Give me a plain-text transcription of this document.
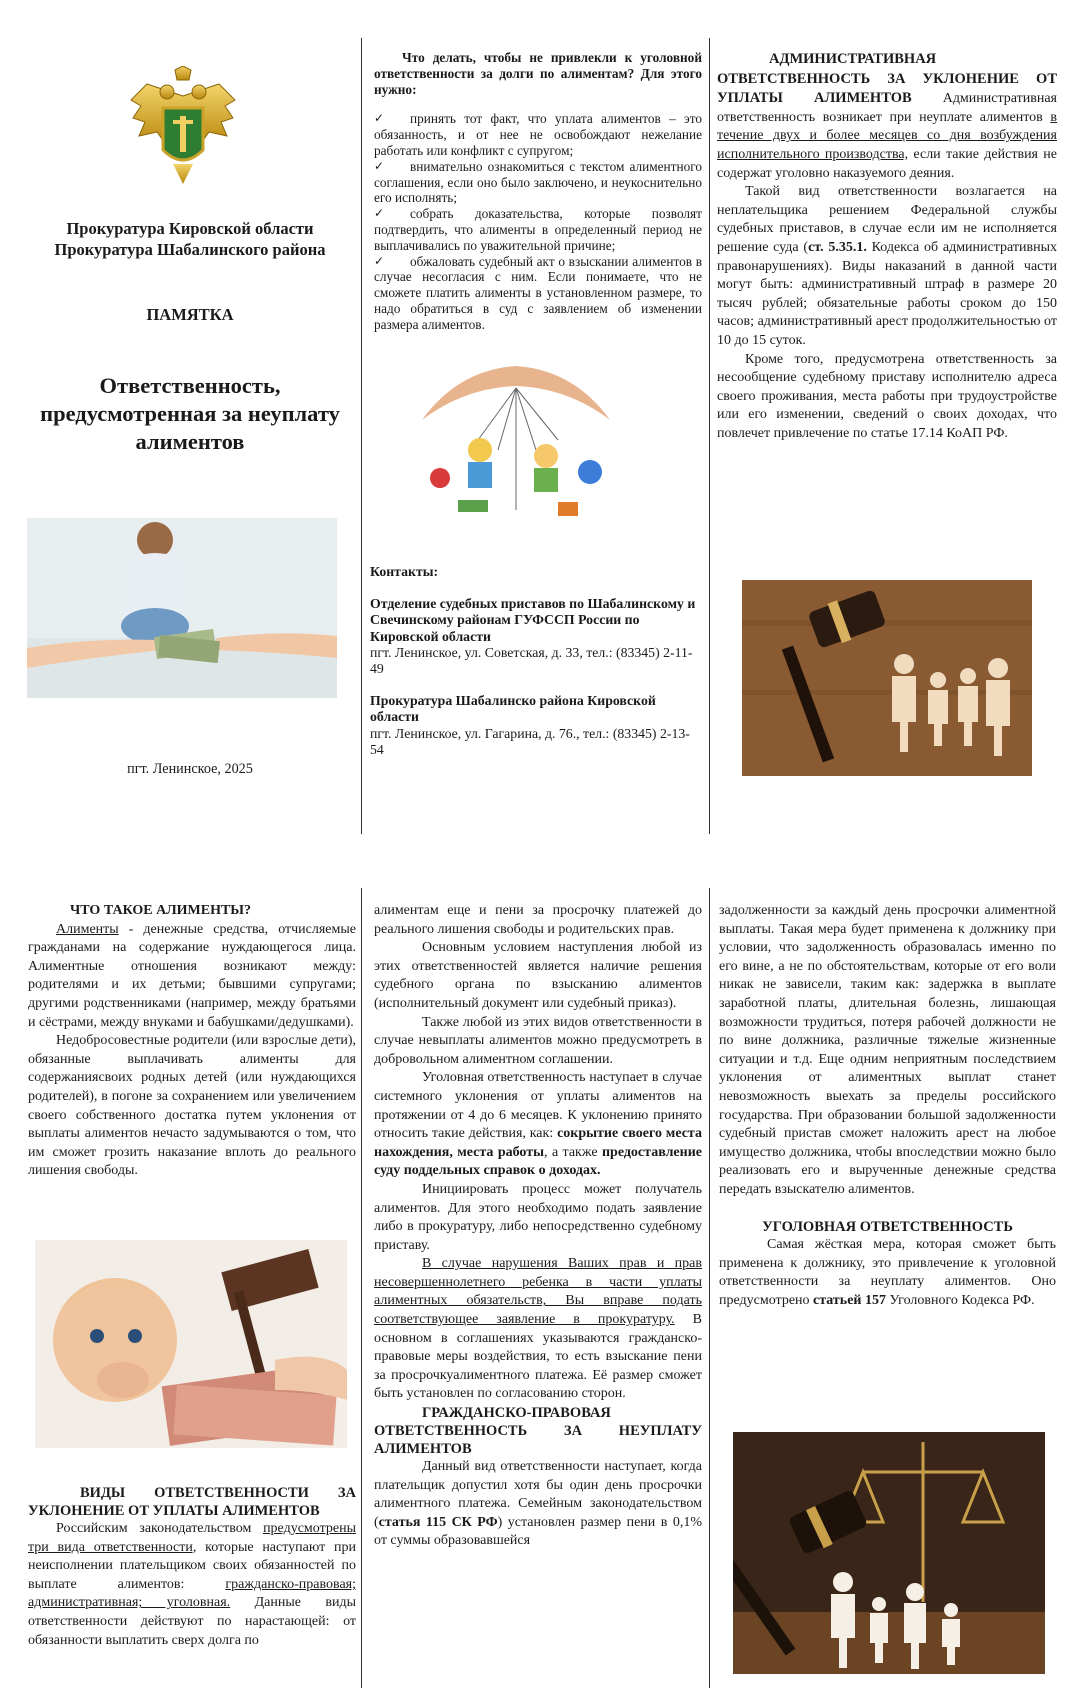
Прокуратура Кировской области

Прокуратура Шабалинского района

ПАМЯТКА

Ответственность, предусмотренная за неуплату алиментов

пгт. Ленинское, 2025

Что делать, чтобы не привлекли к уголовной ответственности за долги по алиментам? Для этого нужно:

✓ принять тот факт, что уплата алиментов – это обязанность, и от нее не освобождают нежелание работать или конфликт с супругом;
✓ внимательно ознакомиться с текстом алиментного соглашения, если оно было заключено, и неукоснительно его исполнять;
✓ собрать доказательства, которые позволят подтвердить, что алименты в определенный период не выплачивались по уважительной причине;
✓ обжаловать судебный акт о взыскании алиментов в случае несогласия с ним. Если понимаете, что не сможете платить алименты в установленном размере, то надо обратиться в суд с заявлением об изменении размера алиментов.

Контакты:

Отделение судебных приставов по Шабалинскому и Свечинскому районам ГУФССП России по Кировской области

пгт. Ленинское, ул. Советская, д. 33, тел.: (83345) 2-11-49

Прокуратура Шабалинско района Кировской области

пгт. Ленинское, ул. Гагарина, д. 76., тел.: (83345) 2-13-54

АДМИНИСТРАТИВНАЯ ОТВЕТСТВЕННОСТЬ ЗА УКЛОНЕНИЕ ОТ УПЛАТЫ АЛИМЕНТОВ Административная ответственность возникает при неуплате алиментов в течение двух и более месяцев со дня возбуждения исполнительного производства, если такие действия не содержат уголовно наказуемого деяния.

Такой вид ответственности возлагается на неплательщика решением Федеральной службы судебных приставов, в случае если им не исполняется решение суда (ст. 5.35.1. Кодекса об административных правонарушениях). Виды наказаний в данной части могут быть: административный штраф в размере 20 тысяч рублей; обязательные работы сроком до 150 часов; административный арест продолжительностью от 10 до 15 суток.

Кроме того, предусмотрена ответственность за несообщение судебному приставу исполнителю адреса своего проживания, места работы при трудоустройстве или его изменении, сведений о своих доходах, что повлечет привлечение по статье 17.14 КоАП РФ.

ЧТО ТАКОЕ АЛИМЕНТЫ?

Алименты - денежные средства, отчисляемые гражданами на содержание нуждающегося лица. Алиментные отношения возникают между: родителями и их детьми; бывшими супругами; другими родственниками (например, между братьями и сёстрами, между внуками и бабушками/дедушками).

Недобросовестные родители (или взрослые дети), обязанные выплачивать алименты для содержаниясвоих родных детей (или нуждающихся родителей), в погоне за сохранением или увеличением своего собственного достатка путем уклонения от выплаты алиментов нечасто задумываются о том, что им сможет грозить наказание вплоть до реального лишения свободы.

ВИДЫ ОТВЕТСТВЕННОСТИ ЗА УКЛОНЕНИЕ ОТ УПЛАТЫ АЛИМЕНТОВ

Российским законодательством предусмотрены три вида ответственности, которые наступают при неисполнении плательщиком своих обязанностей по выплате алиментов: гражданско-правовая; административная; уголовная. Данные виды ответственности действуют по нарастающей: от обязанности выплатить сверх долга по

алиментам еще и пени за просрочку платежей до реального лишения свободы и родительских прав.

Основным условием наступления любой из этих ответственностей является наличие решения судебного органа по взысканию алиментов (исполнительный документ или судебный приказ).

Также любой из этих видов ответственности в случае невыплаты алиментов можно предусмотреть в добровольном алиментном соглашении.

Уголовная ответственность наступает в случае системного уклонения от уплаты алиментов на протяжении от 4 до 6 месяцев. К уклонению принято относить такие действия, как: сокрытие своего места нахождения, места работы, а также предоставление суду поддельных справок о доходах.

Инициировать процесс может получатель алиментов. Для этого необходимо подать заявление либо в прокуратуру, либо непосредственно судебному приставу.

В случае нарушения Ваших прав и прав несовершеннолетнего ребенка в части уплаты алиментных обязательств, Вы вправе подать соответствующее заявление в прокуратуру. В основном в соглашениях указываются гражданско-правовые меры воздействия, то есть взыскание пени за просрочкуалиментного платежа. Её размер сможет быть установлен по согласованию сторон.

ГРАЖДАНСКО-ПРАВОВАЯ ОТВЕТСТВЕННОСТЬ ЗА НЕУПЛАТУ АЛИМЕНТОВ

Данный вид ответственности наступает, когда плательщик допустил хотя бы один день просрочки алиментного платежа. Семейным законодательством (статья 115 СК РФ) установлен размер пени в 0,1% от суммы образовавшейся

задолженности за каждый день просрочки алиментной выплаты. Такая мера будет применена к должнику при условии, что задолженность образовалась именно по его вине, а не по обстоятельствам, которые от его воли никак не зависели, таким как: задержка в выплате заработной платы, длительная болезнь, лишающая возможности трудиться, потеря рабочей должности не по вине должника, различные тяжелые жизненные ситуации и т.д. Еще одним неприятным последствием уклонения от алиментных выплат станет невозможность выехать за пределы российского государства. При образовании большой задолженности судебный пристав сможет наложить арест на любое имущество должника, чтобы впоследствии можно было реализовать его и вырученные денежные средства передать взыскателю алиментов.

УГОЛОВНАЯ ОТВЕТСТВЕННОСТЬ

Самая жёсткая мера, которая сможет быть применена к должнику, это привлечение к уголовной ответственности за неуплату алиментов. Оно предусмотрено статьей 157 Уголовного Кодекса РФ.
